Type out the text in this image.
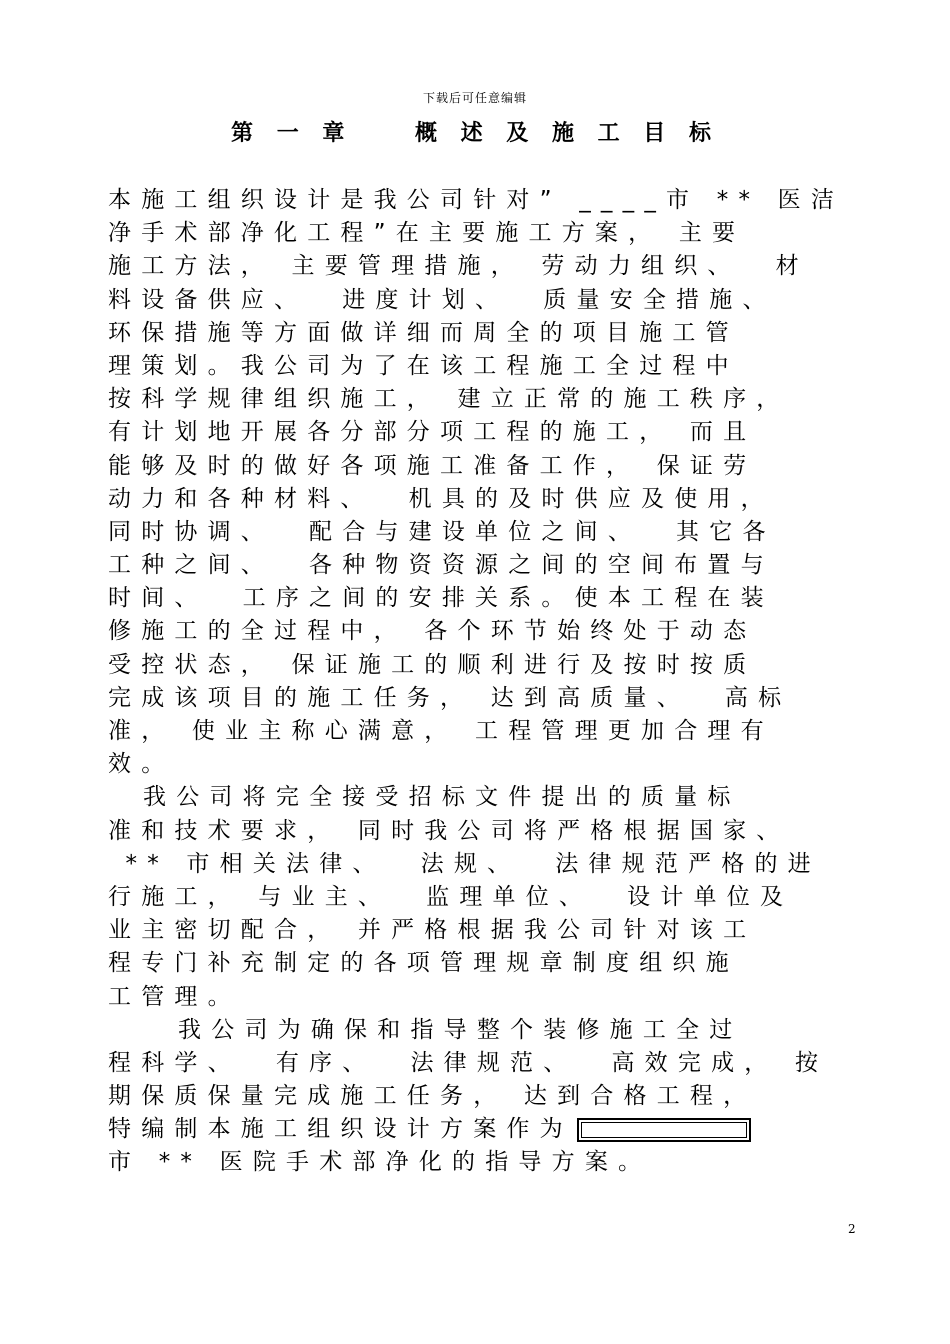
下载后可任意编辑
第 一 章    概 述 及 施 工 目 标
本施工组织设计是我公司针对” ____市 ** 医洁
净手术部净化工程”在主要施工方案， 主要
施工方法， 主要管理措施， 劳动力组织、  材
料设备供应、  进度计划、  质量安全措施、
环保措施等方面做详细而周全的项目施工管
理策划。我公司为了在该工程施工全过程中
按科学规律组织施工， 建立正常的施工秩序，
有计划地开展各分部分项工程的施工， 而且
能够及时的做好各项施工准备工作， 保证劳
动力和各种材料、  机具的及时供应及使用，
同时协调、  配合与建设单位之间、  其它各
工种之间、  各种物资资源之间的空间布置与
时间、  工序之间的安排关系。使本工程在装
修施工的全过程中， 各个环节始终处于动态
受控状态， 保证施工的顺利进行及按时按质
完成该项目的施工任务， 达到高质量、  高标
准， 使业主称心满意， 工程管理更加合理有
效。
我公司将完全接受招标文件提出的质量标
准和技术要求， 同时我公司将严格根据国家、
** 市相关法律、  法规、  法律规范严格的进
行施工， 与业主、  监理单位、  设计单位及
业主密切配合， 并严格根据我公司针对该工
程专门补充制定的各项管理规章制度组织施
工管理。
我公司为确保和指导整个装修施工全过
程科学、  有序、  法律规范、  高效完成， 按
期保质保量完成施工任务， 达到合格工程，
特编制本施工组织设计方案作为
市 ** 医院手术部净化的指导方案。
2
